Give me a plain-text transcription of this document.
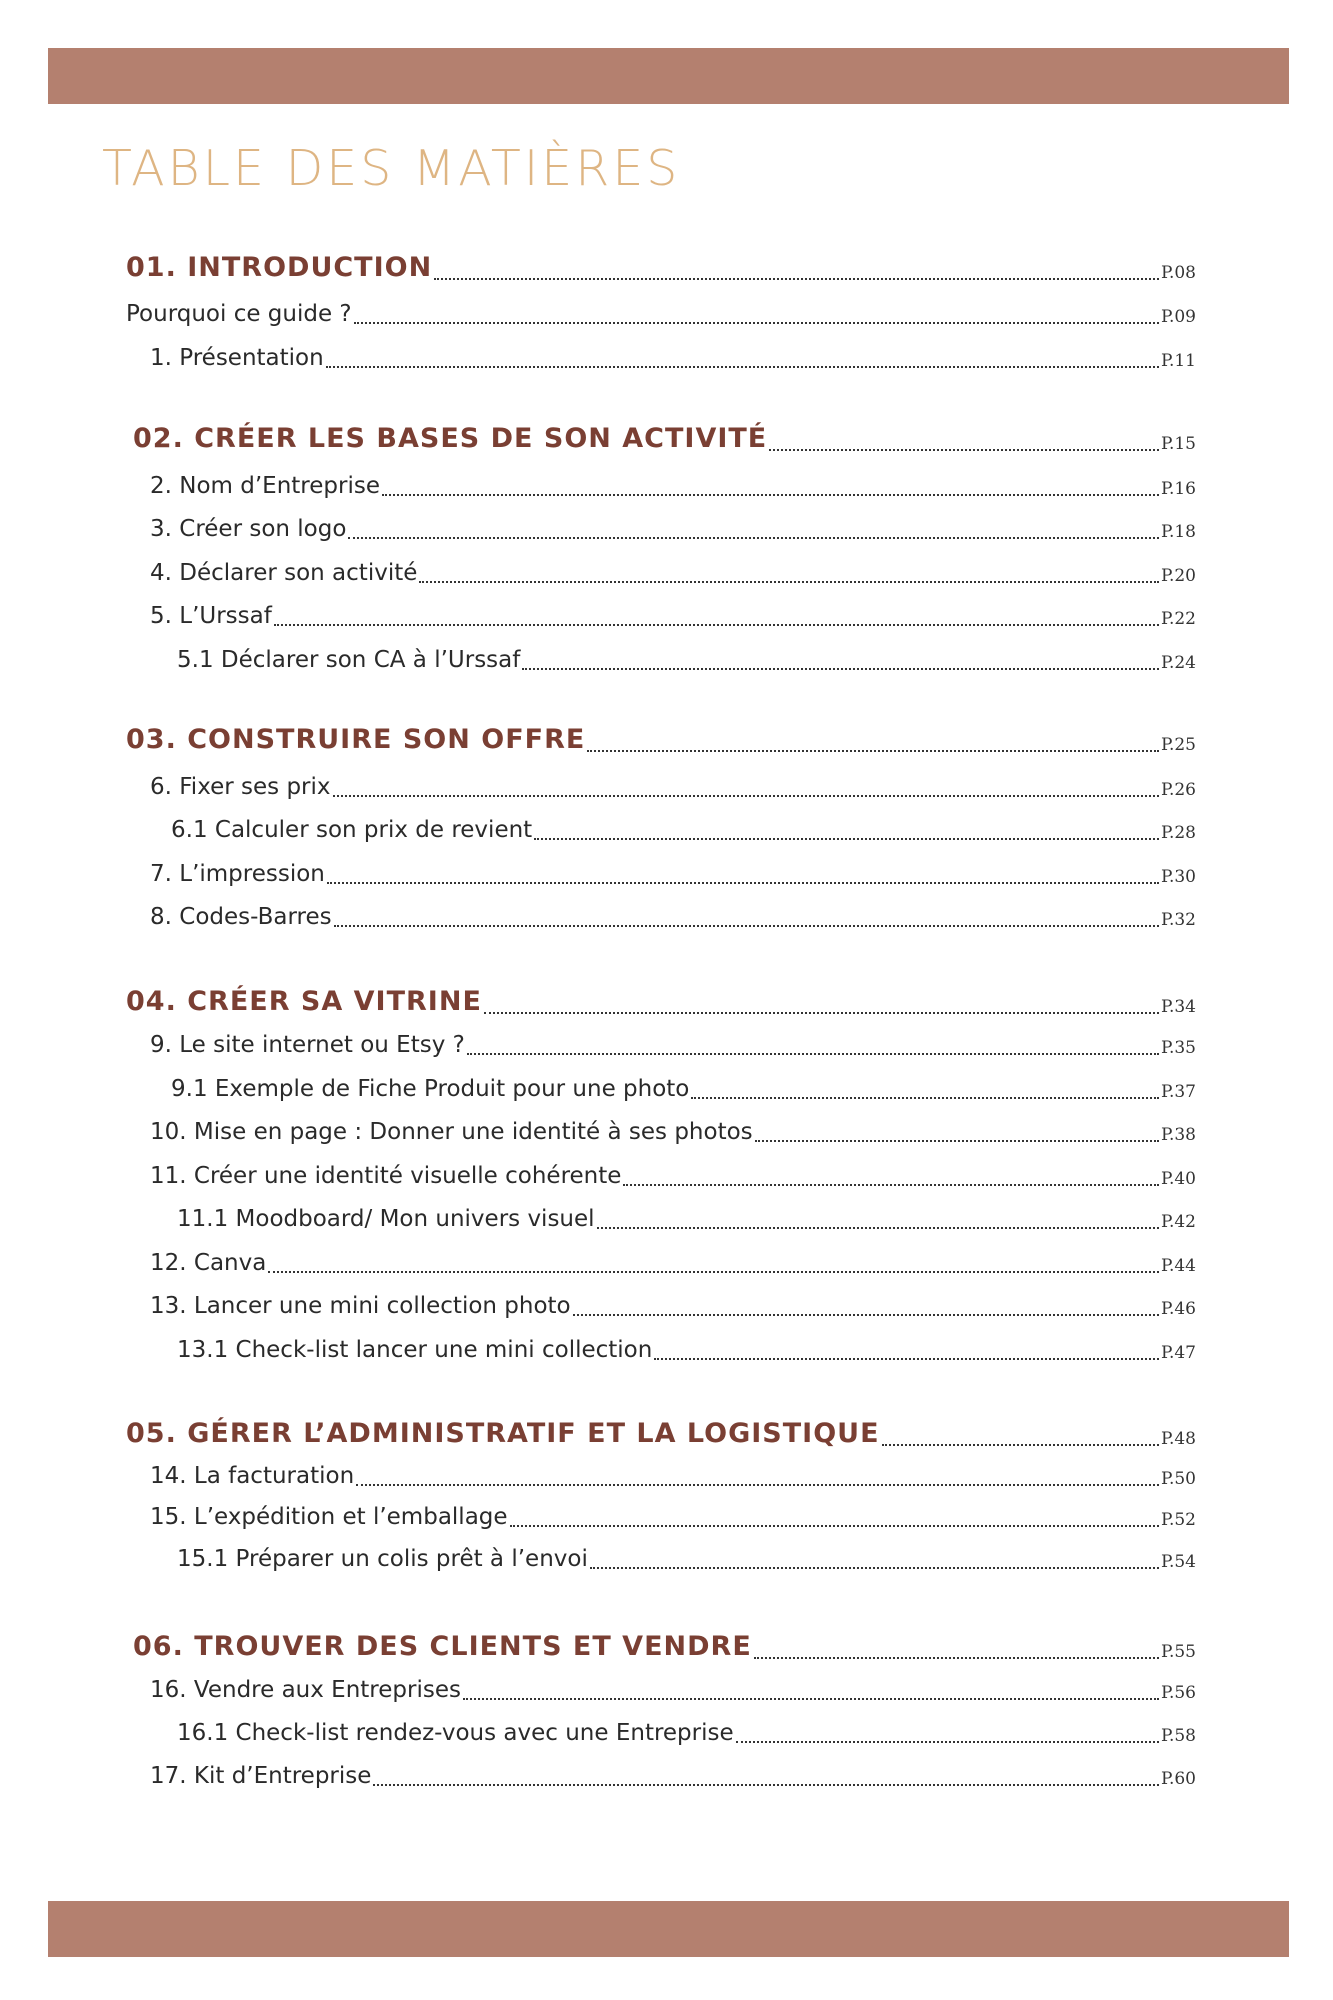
TABLE DES MATIÈRES
01. INTRODUCTION	P.08
Pourquoi ce guide ?	P.09
1. Présentation	P.11
02. CRÉER LES BASES DE SON ACTIVITÉ	P.15
2. Nom d’Entreprise	P.16
3. Créer son logo	P.18
4. Déclarer son activité	P.20
5. L’Urssaf	P.22
5.1 Déclarer son CA à l’Urssaf	P.24
03. CONSTRUIRE SON OFFRE	P.25
6. Fixer ses prix	P.26
6.1 Calculer son prix de revient	P.28
7. L’impression	P.30
8. Codes-Barres	P.32
04. CRÉER SA VITRINE	P.34
9. Le site internet ou Etsy ?	P.35
9.1 Exemple de Fiche Produit pour une photo	P.37
10. Mise en page : Donner une identité à ses photos	P.38
11. Créer une identité visuelle cohérente	P.40
11.1 Moodboard/ Mon univers visuel	P.42
12. Canva	P.44
13. Lancer une mini collection photo	P.46
13.1 Check-list lancer une mini collection	P.47
05. GÉRER L’ADMINISTRATIF ET LA LOGISTIQUE	P.48
14. La facturation	P.50
15. L’expédition et l’emballage	P.52
15.1 Préparer un colis prêt à l’envoi	P.54
06. TROUVER DES CLIENTS ET VENDRE	P.55
16. Vendre aux Entreprises	P.56
16.1 Check-list rendez-vous avec une Entreprise	P.58
17. Kit d’Entreprise	P.60
